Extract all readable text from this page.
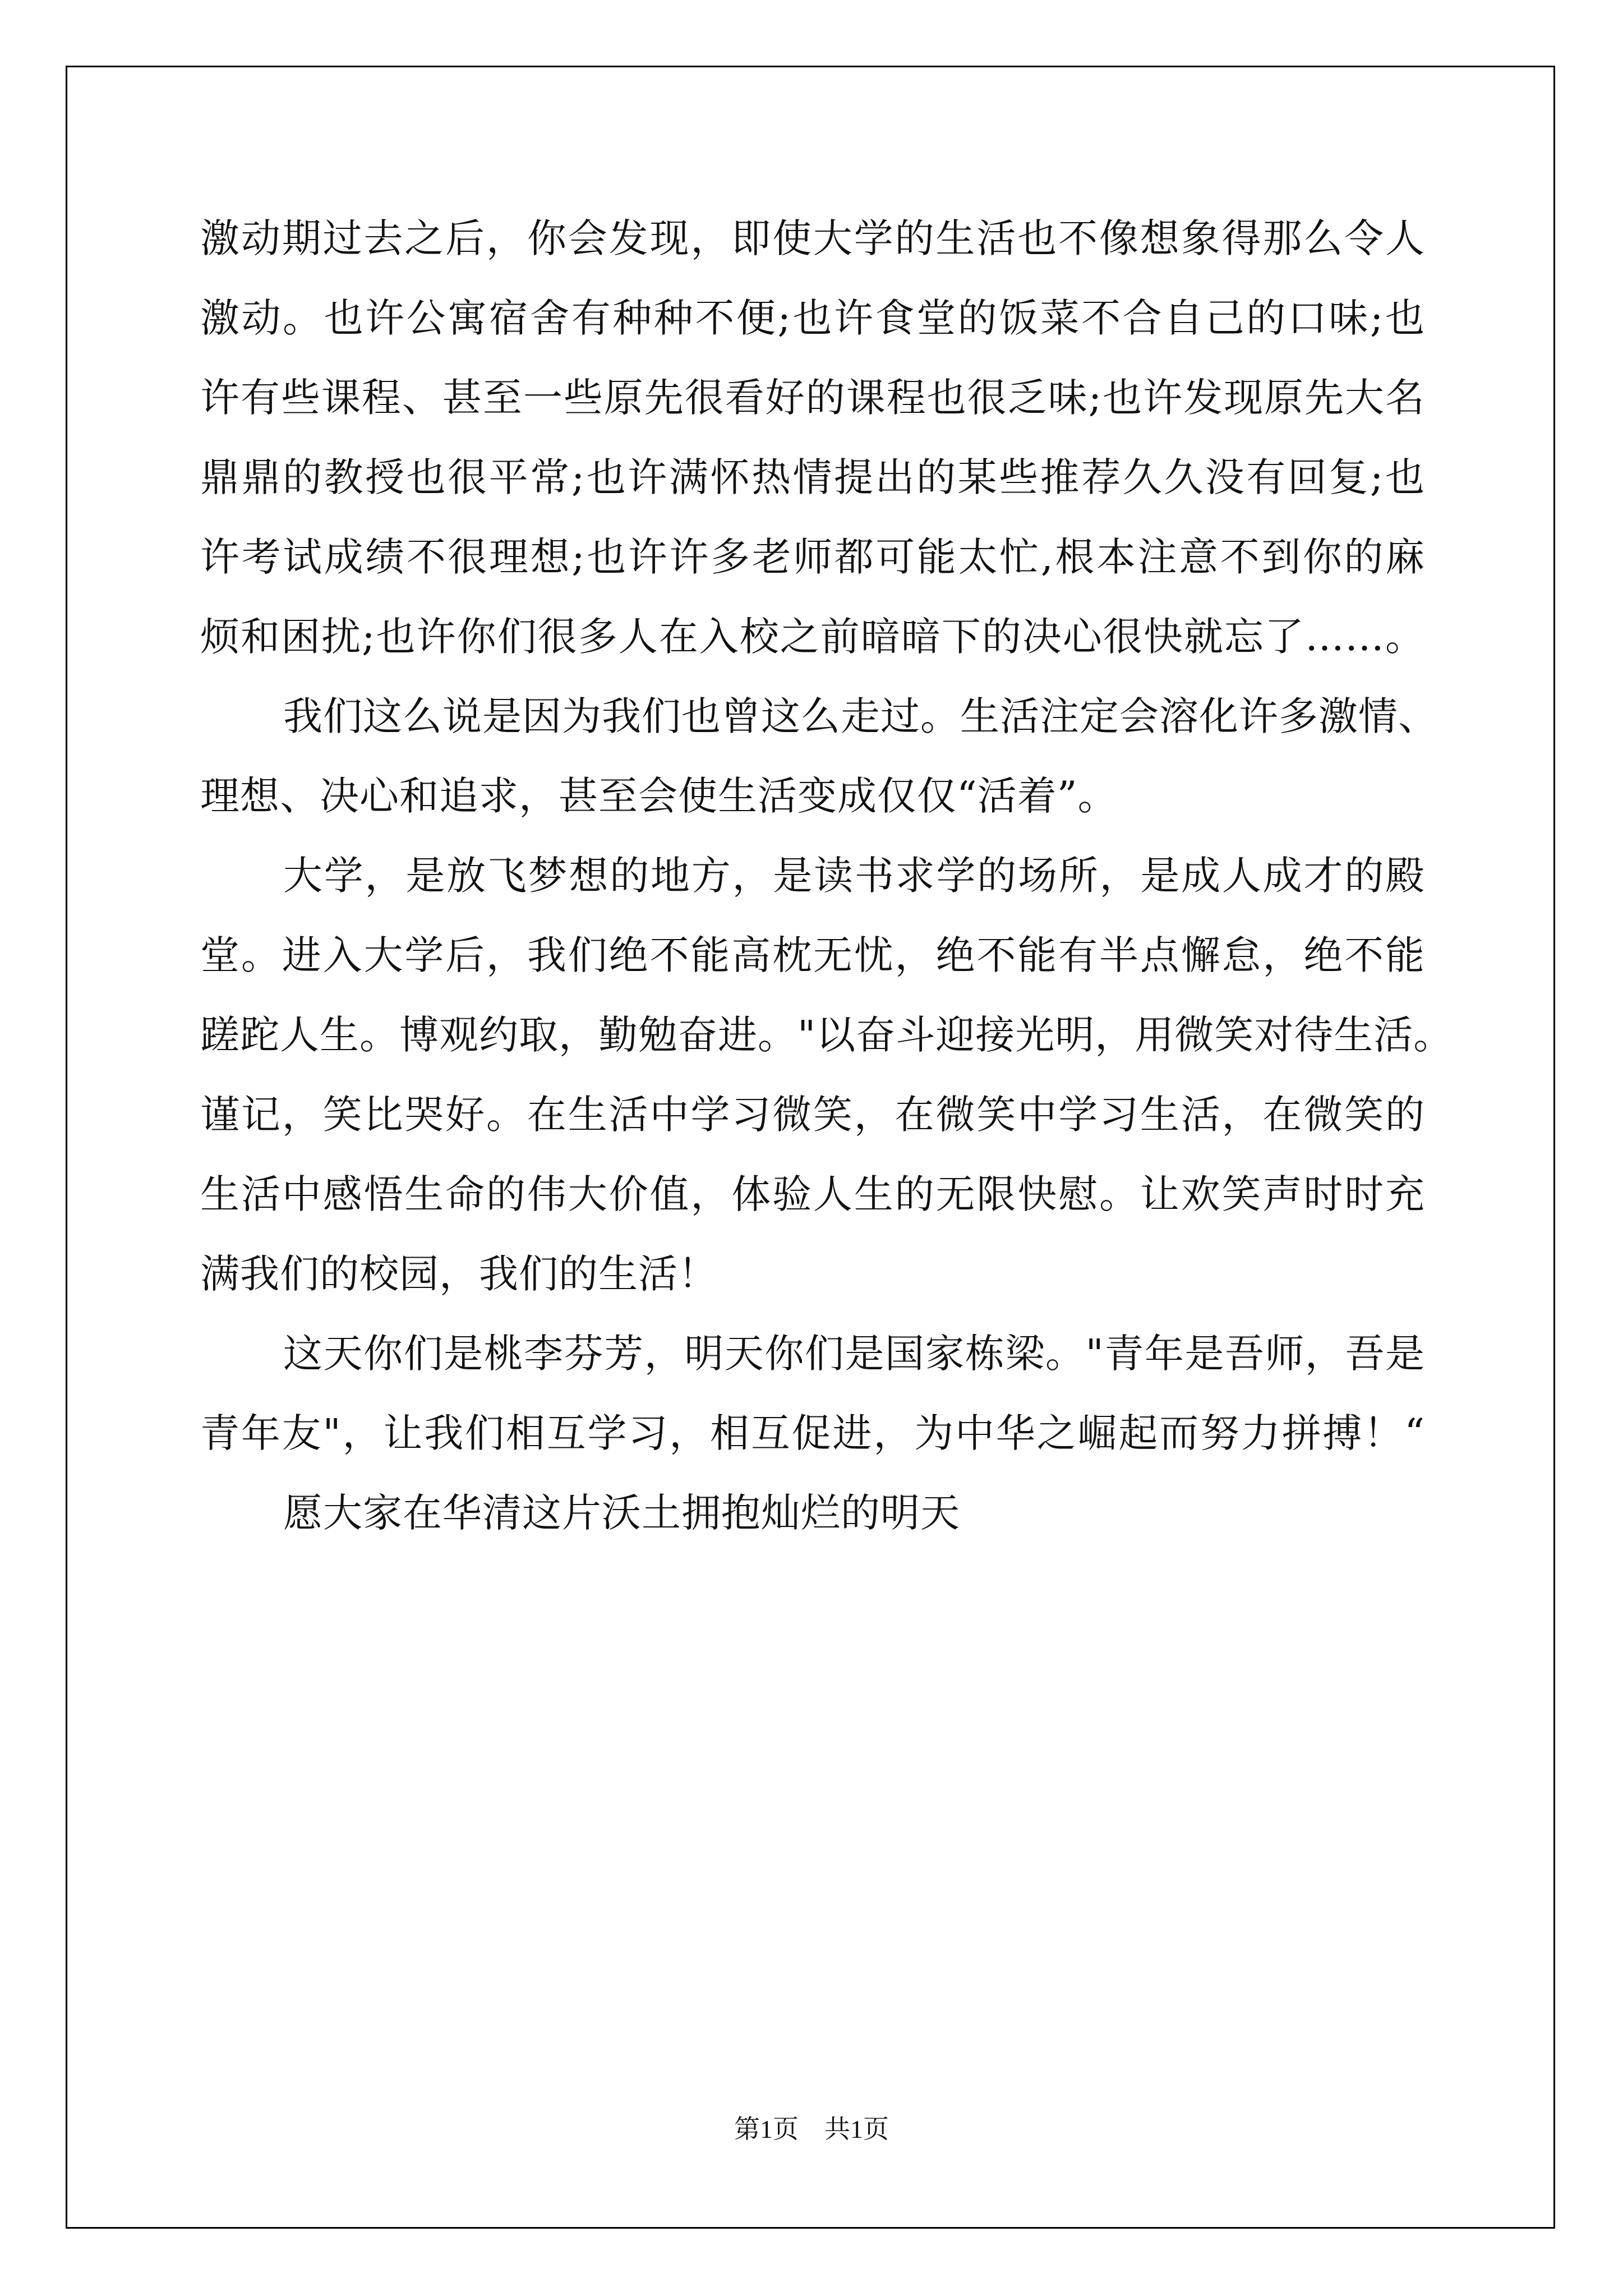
激动期过去之后，你会发现，即使大学的生活也不像想象得那么令人
激动。也许公寓宿舍有种种不便;也许食堂的饭菜不合自己的口味;也
许有些课程、甚至一些原先很看好的课程也很乏味;也许发现原先大名
鼎鼎的教授也很平常;也许满怀热情提出的某些推荐久久没有回复;也
许考试成绩不很理想;也许许多老师都可能太忙,根本注意不到你的麻
烦和困扰;也许你们很多人在入校之前暗暗下的决心很快就忘了……。
我们这么说是因为我们也曾这么走过。生活注定会溶化许多激情、
理想、决心和追求，甚至会使生活变成仅仅“活着”。
大学，是放飞梦想的地方，是读书求学的场所，是成人成才的殿
堂。进入大学后，我们绝不能高枕无忧，绝不能有半点懈怠，绝不能
蹉跎人生。博观约取，勤勉奋进。"以奋斗迎接光明，用微笑对待生活。
谨记，笑比哭好。在生活中学习微笑，在微笑中学习生活，在微笑的
生活中感悟生命的伟大价值，体验人生的无限快慰。让欢笑声时时充
满我们的校园，我们的生活！
这天你们是桃李芬芳，明天你们是国家栋梁。"青年是吾师，吾是
青年友"，让我们相互学习，相互促进，为中华之崛起而努力拼搏！“
愿大家在华清这片沃土拥抱灿烂的明天
第1页    共1页
